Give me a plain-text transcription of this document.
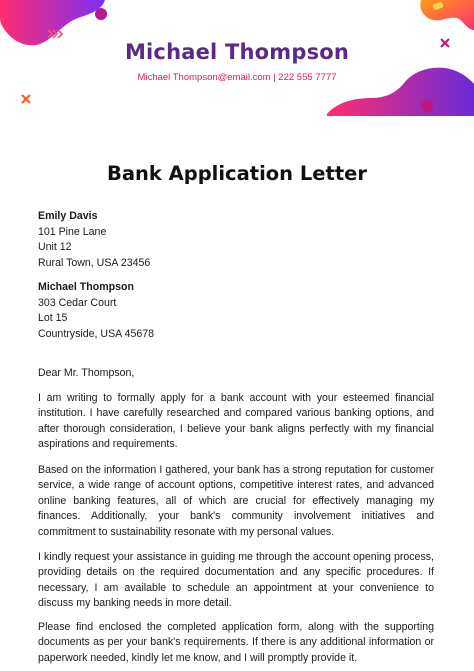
Michael Thompson
Michael Thompson@email.com | 222 555 7777
Bank Application Letter
Emily Davis
101 Pine Lane
Unit 12
Rural Town, USA 23456
Michael Thompson
303 Cedar Court
Lot 15
Countryside, USA 45678
Dear Mr. Thompson,
I am writing to formally apply for a bank account with your esteemed financial institution. I have carefully researched and compared various banking options, and after thorough consideration, I believe your bank aligns perfectly with my financial aspirations and requirements.
Based on the information I gathered, your bank has a strong reputation for customer service, a wide range of account options, competitive interest rates, and advanced online banking features, all of which are crucial for effectively managing my finances. Additionally, your bank's community involvement initiatives and commitment to sustainability resonate with my personal values.
I kindly request your assistance in guiding me through the account opening process, providing details on the required documentation and any specific procedures. If necessary, I am available to schedule an appointment at your convenience to discuss my banking needs in more detail.
Please find enclosed the completed application form, along with the supporting documents as per your bank's requirements. If there is any additional information or paperwork needed, kindly let me know, and I will promptly provide it.
